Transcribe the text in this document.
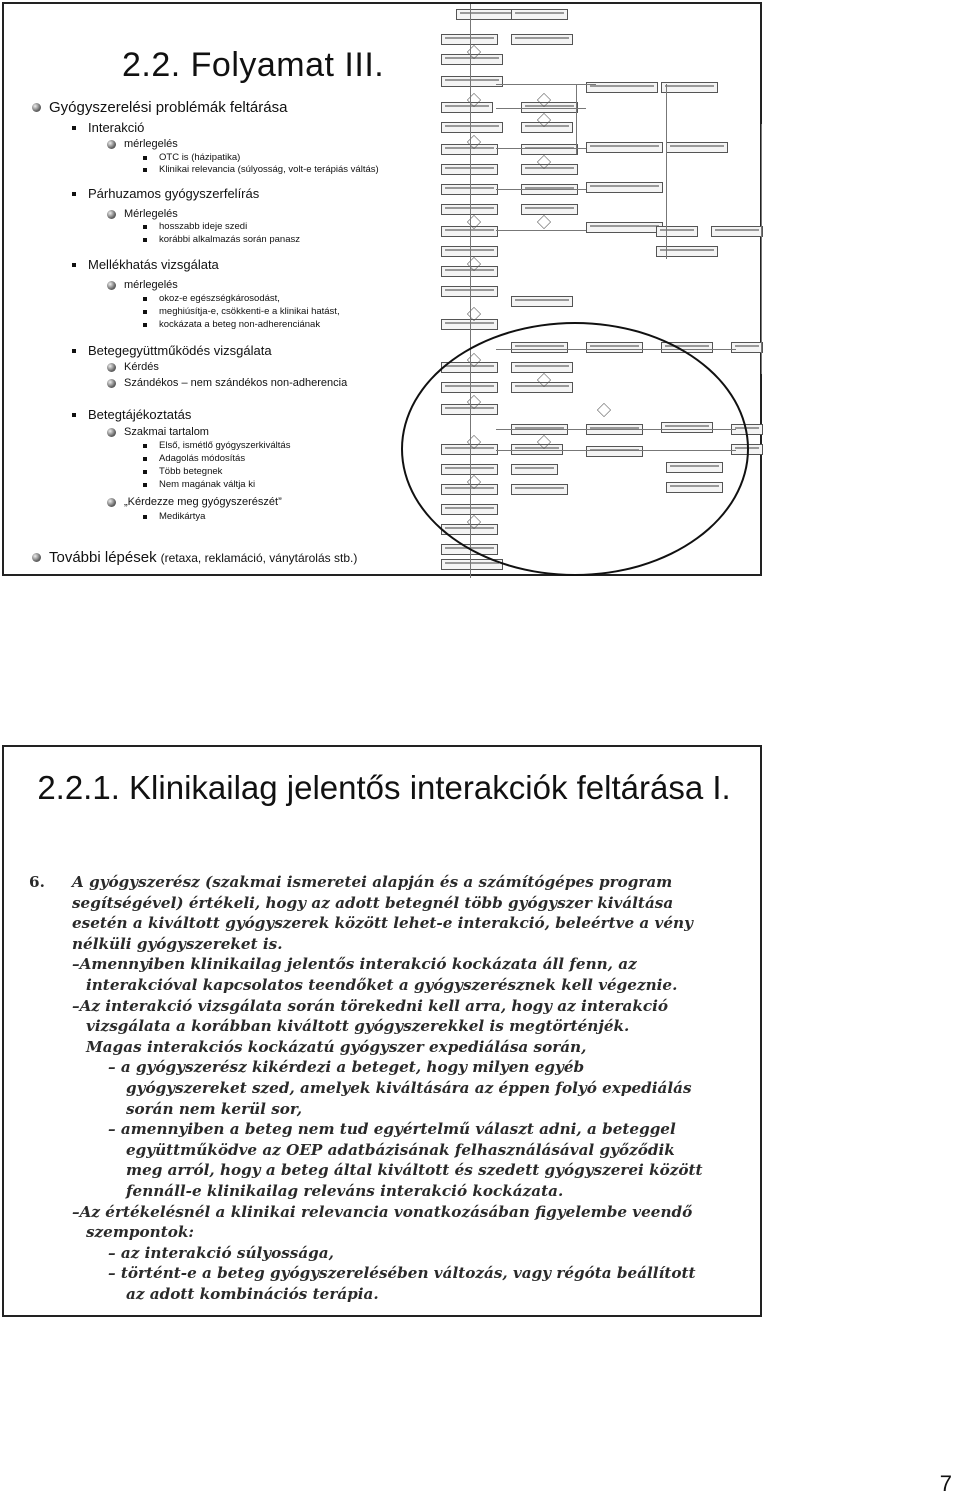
2.2. Folyamat III.
Gyógyszerelési problémák feltárása
Interakció
mérlegelés
OTC is (házipatika)
Klinikai relevancia (súlyosság, volt-e terápiás váltás)
Párhuzamos gyógyszerfelírás
Mérlegelés
hosszabb ideje szedi
korábbi alkalmazás során panasz
Mellékhatás vizsgálata
mérlegelés
okoz-e egészségkárosodást,
meghiúsítja-e, csökkenti-e a klinikai hatást,
kockázata a beteg non-adherenciának
Betegegyüttműködés vizsgálata
Kérdés
Szándékos – nem szándékos non-adherencia
Betegtájékoztatás
Szakmai tartalom
Első, ismétlő gyógyszerkiváltás
Adagolás módosítás
Több betegnek
Nem magának váltja ki
„Kérdezze meg gyógyszerészét”
Medikártya
További lépések (retaxa, reklamáció, ványtárolás stb.)
2.2.1. Klinikailag jelentős interakciók feltárása I.
6.	A gyógyszerész (szakmai ismeretei alapján és a számítógépes program segítségével) értékeli, hogy az adott betegnél több gyógyszer kiváltása esetén a kiváltott gyógyszerek között lehet-e interakció, beleértve a vény nélküli gyógyszereket is.

–Amennyiben klinikailag jelentős interakció kockázata áll fenn, az interakcióval kapcsolatos teendőket a gyógyszerésznek kell végeznie.

–Az interakció vizsgálata során törekedni kell arra, hogy az interakció vizsgálata a korábban kiváltott gyógyszerekkel is megtörténjék.

Magas interakciós kockázatú gyógyszer expediálása során,

– a gyógyszerész kikérdezi a beteget, hogy milyen egyéb gyógyszereket szed, amelyek kiváltására az éppen folyó expediálás során nem kerül sor,

– amennyiben a beteg nem tud egyértelmű választ adni, a beteggel együttműködve az OEP adatbázisának felhasználásával győződik meg arról, hogy a beteg által kiváltott és szedett gyógyszerei között fennáll-e klinikailag releváns interakció kockázata.

–Az értékelésnél a klinikai relevancia vonatkozásában figyelembe veendő szempontok:

– az interakció súlyossága,

– történt-e a beteg gyógyszerelésében változás, vagy régóta beállított az adott kombinációs terápia.

7
